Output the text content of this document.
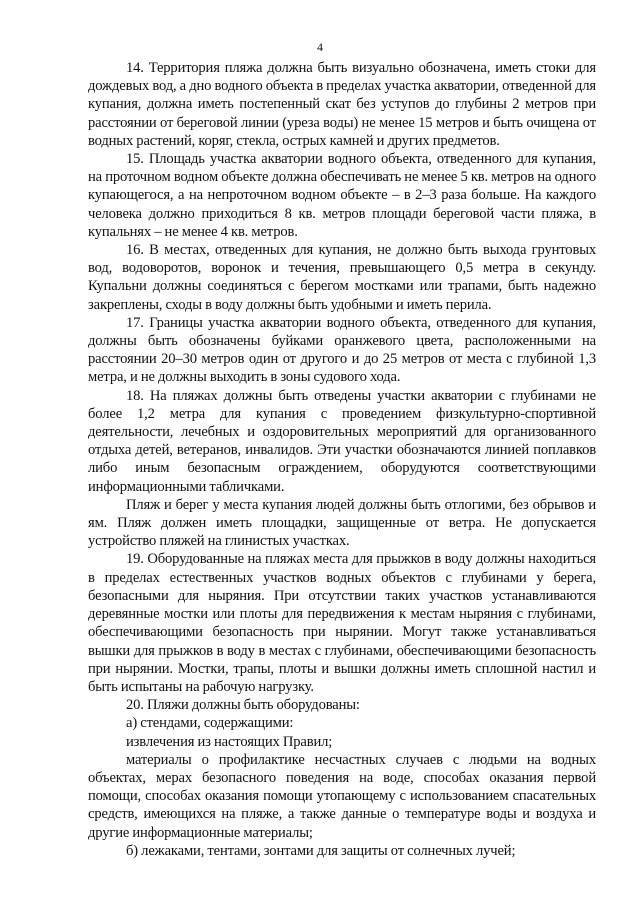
4

14. Территория пляжа должна быть визуально обозначена, иметь стоки для дождевых вод, а дно водного объекта в пределах участка акватории, отведенной для купания, должна иметь постепенный скат без уступов до глубины 2 метров при расстоянии от береговой линии (уреза воды) не менее 15 метров и быть очищена от водных растений, коряг, стекла, острых камней и других предметов.

15. Площадь участка акватории водного объекта, отведенного для купания, на проточном водном объекте должна обеспечивать не менее 5 кв. метров на одного купающегося, а на непроточном водном объекте – в 2–3 раза больше. На каждого человека должно приходиться 8 кв. метров площади береговой части пляжа, в купальнях – не менее 4 кв. метров.

16. В местах, отведенных для купания, не должно быть выхода грунтовых вод, водоворотов, воронок и течения, превышающего 0,5 метра в секунду. Купальни должны соединяться с берегом мостками или трапами, быть надежно закреплены, сходы в воду должны быть удобными и иметь перила.

17. Границы участка акватории водного объекта, отведенного для купания, должны быть обозначены буйками оранжевого цвета, расположенными на расстоянии 20–30 метров один от другого и до 25 метров от места с глубиной 1,3 метра, и не должны выходить в зоны судового хода.

18. На пляжах должны быть отведены участки акватории с глубинами не более 1,2 метра для купания с проведением физкультурно-спортивной деятельности, лечебных и оздоровительных мероприятий для организованного отдыха детей, ветеранов, инвалидов. Эти участки обозначаются линией поплавков либо иным безопасным ограждением, оборудуются соответствующими информационными табличками.

Пляж и берег у места купания людей должны быть отлогими, без обрывов и ям. Пляж должен иметь площадки, защищенные от ветра. Не допускается устройство пляжей на глинистых участках.

19. Оборудованные на пляжах места для прыжков в воду должны находиться в пределах естественных участков водных объектов с глубинами у берега, безопасными для ныряния. При отсутствии таких участков устанавливаются деревянные мостки или плоты для передвижения к местам ныряния с глубинами, обеспечивающими безопасность при нырянии. Могут также устанавливаться вышки для прыжков в воду в местах с глубинами, обеспечивающими безопасность при нырянии. Мостки, трапы, плоты и вышки должны иметь сплошной настил и быть испытаны на рабочую нагрузку.

20. Пляжи должны быть оборудованы:

а) стендами, содержащими:

извлечения из настоящих Правил;

материалы о профилактике несчастных случаев с людьми на водных объектах, мерах безопасного поведения на воде, способах оказания первой помощи, способах оказания помощи утопающему с использованием спасательных средств, имеющихся на пляже, а также данные о температуре воды и воздуха и другие информационные материалы;

б) лежаками, тентами, зонтами для защиты от солнечных лучей;
